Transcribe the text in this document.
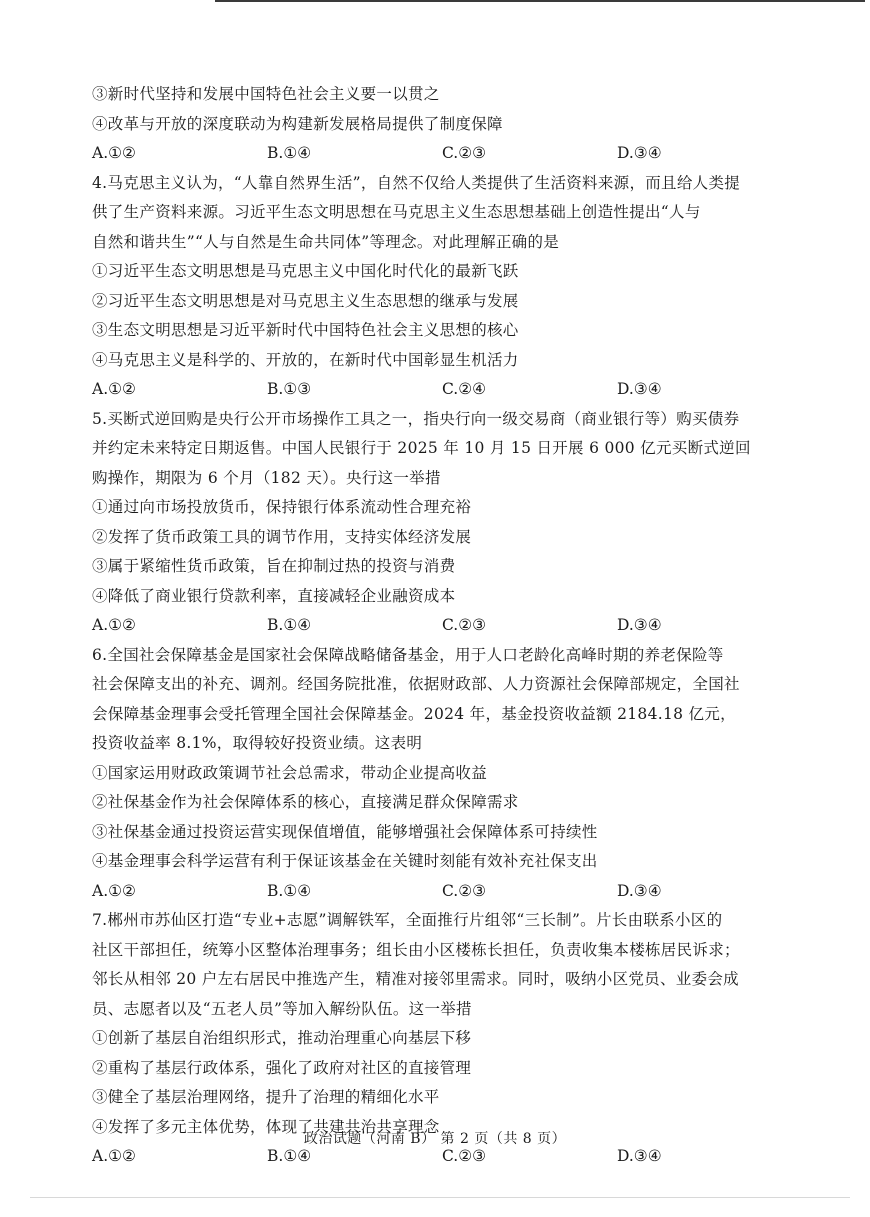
③新时代坚持和发展中国特色社会主义要一以贯之
④改革与开放的深度联动为构建新发展格局提供了制度保障
A.①②	B.①④	C.②③	D.③④
4.马克思主义认为，“人靠自然界生活”，自然不仅给人类提供了生活资料来源，而且给人类提
供了生产资料来源。习近平生态文明思想在马克思主义生态思想基础上创造性提出“人与
自然和谐共生”“人与自然是生命共同体”等理念。对此理解正确的是
①习近平生态文明思想是马克思主义中国化时代化的最新飞跃
②习近平生态文明思想是对马克思主义生态思想的继承与发展
③生态文明思想是习近平新时代中国特色社会主义思想的核心
④马克思主义是科学的、开放的，在新时代中国彰显生机活力
A.①②	B.①③	C.②④	D.③④
5.买断式逆回购是央行公开市场操作工具之一，指央行向一级交易商（商业银行等）购买债券
并约定未来特定日期返售。中国人民银行于 2025 年 10 月 15 日开展 6 000 亿元买断式逆回
购操作，期限为 6 个月（182 天）。央行这一举措
①通过向市场投放货币，保持银行体系流动性合理充裕
②发挥了货币政策工具的调节作用，支持实体经济发展
③属于紧缩性货币政策，旨在抑制过热的投资与消费
④降低了商业银行贷款利率，直接减轻企业融资成本
A.①②	B.①④	C.②③	D.③④
6.全国社会保障基金是国家社会保障战略储备基金，用于人口老龄化高峰时期的养老保险等
社会保障支出的补充、调剂。经国务院批准，依据财政部、人力资源社会保障部规定，全国社
会保障基金理事会受托管理全国社会保障基金。2024 年，基金投资收益额 2184.18 亿元，
投资收益率 8.1%，取得较好投资业绩。这表明
①国家运用财政政策调节社会总需求，带动企业提高收益
②社保基金作为社会保障体系的核心，直接满足群众保障需求
③社保基金通过投资运营实现保值增值，能够增强社会保障体系可持续性
④基金理事会科学运营有利于保证该基金在关键时刻能有效补充社保支出
A.①②	B.①④	C.②③	D.③④
7.郴州市苏仙区打造“专业+志愿”调解铁军，全面推行片组邻“三长制”。片长由联系小区的
社区干部担任，统筹小区整体治理事务；组长由小区楼栋长担任，负责收集本楼栋居民诉求；
邻长从相邻 20 户左右居民中推选产生，精准对接邻里需求。同时，吸纳小区党员、业委会成
员、志愿者以及“五老人员”等加入解纷队伍。这一举措
①创新了基层自治组织形式，推动治理重心向基层下移
②重构了基层行政体系，强化了政府对社区的直接管理
③健全了基层治理网络，提升了治理的精细化水平
④发挥了多元主体优势，体现了共建共治共享理念
A.①②	B.①④	C.②③	D.③④
政治试题（河南 B） 第 2 页（共 8 页）
